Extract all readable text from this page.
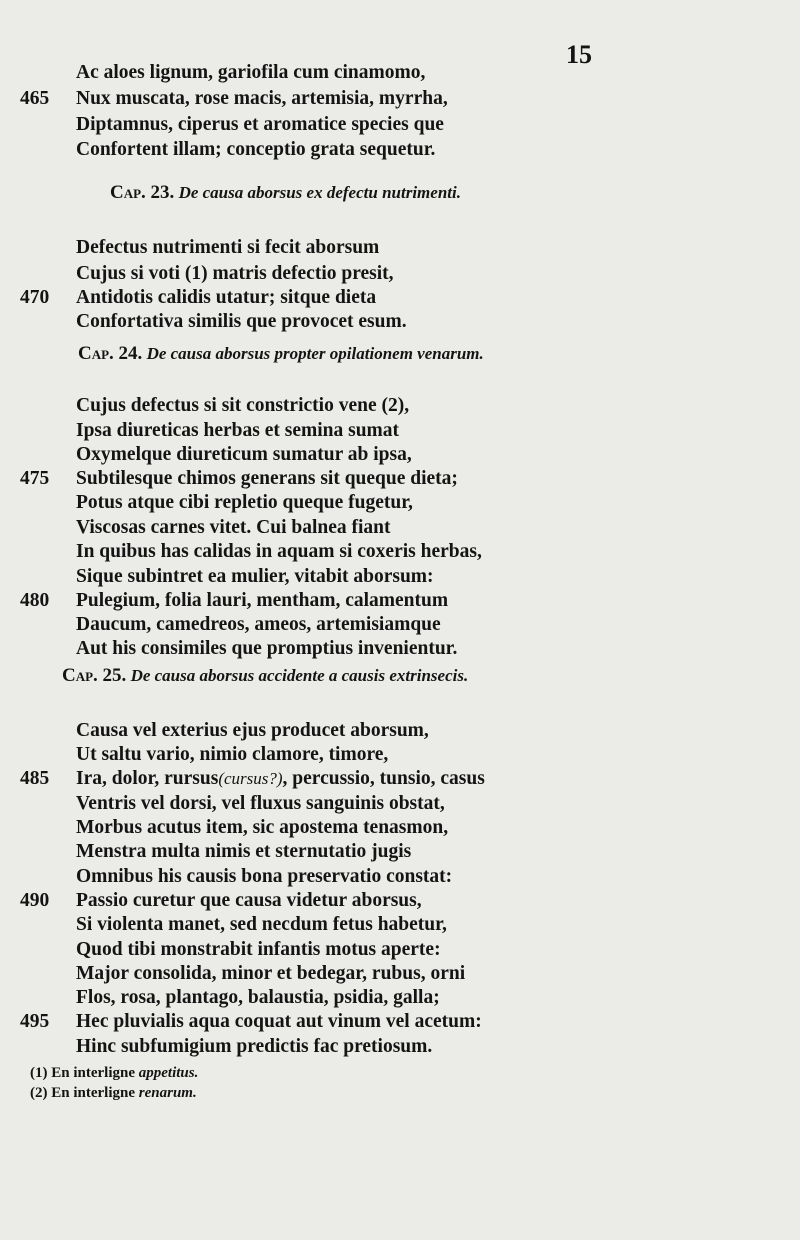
15
Ac aloes lignum, gariofila cum cinamomo,
465 Nux muscata, rose macis, artemisia, myrrha,
Diptamnus, ciperus et aromatice species que
Confortent illam; conceptio grata sequetur.
Cap. 23. De causa aborsus ex defectu nutrimenti.
Defectus nutrimenti si fecit aborsum
Cujus si voti (1) matris defectio presit,
470 Antidotis calidis utatur; sitque dieta
Confortativa similis que provocet esum.
Cap. 24. De causa aborsus propter opilationem venarum.
Cujus defectus si sit constrictio vene (2),
Ipsa diureticas herbas et semina sumat
Oxymelque diureticum sumatur ab ipsa,
475 Subtilesque chimos generans sit queque dieta;
Potus atque cibi repletio queque fugetur,
Viscosas carnes vitet. Cui balnea fiant
In quibus has calidas in aquam si coxeris herbas,
Sique subintret ea mulier, vitabit aborsum:
480 Pulegium, folia lauri, mentham, calamentum
Daucum, camedreos, ameos, artemisiamque
Aut his consimiles que promptius invenientur.
Cap. 25. De causa aborsus accidente a causis extrinsecis.
Causa vel exterius ejus producet aborsum,
Ut saltu vario, nimio clamore, timore,
485 Ira, dolor, rursus(cursus?), percussio, tunsio, casus
Ventris vel dorsi, vel fluxus sanguinis obstat,
Morbus acutus item, sic apostema tenasmon,
Menstra multa nimis et sternutatio jugis
Omnibus his causis bona preservatio constat:
490 Passio curetur que causa videtur aborsus,
Si violenta manet, sed necdum fetus habetur,
Quod tibi monstrabit infantis motus aperte:
Major consolida, minor et bedegar, rubus, orni
Flos, rosa, plantago, balaustia, psidia, galla;
495 Hec pluvialis aqua coquat aut vinum vel acetum:
Hinc subfumigium predictis fac pretiosum.
(1) En interligne appetitus.
(2) En interligne renarum.
